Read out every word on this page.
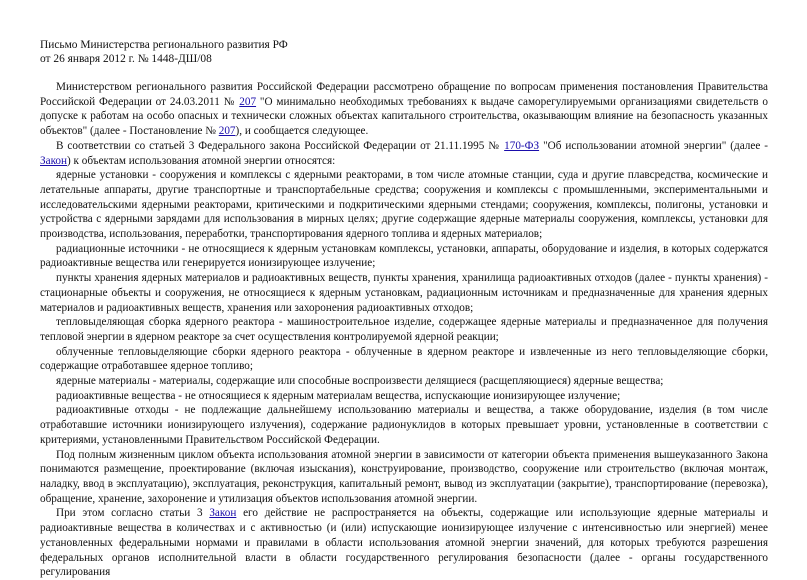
Письмо Министерства регионального развития РФ
от 26 января 2012 г. № 1448-ДШ/08

Министерством регионального развития Российской Федерации рассмотрено обращение по вопросам применения постановления Правительства Российской Федерации от 24.03.2011 № 207 "О минимально необходимых требованиях к выдаче саморегулируемыми организациями свидетельств о допуске к работам на особо опасных и технически сложных объектах капитального строительства, оказывающим влияние на безопасность указанных объектов" (далее - Постановление № 207), и сообщается следующее.

В соответствии со статьей 3 Федерального закона Российской Федерации от 21.11.1995 № 170-ФЗ "Об использовании атомной энергии" (далее - Закон) к объектам использования атомной энергии относятся:

ядерные установки - сооружения и комплексы с ядерными реакторами, в том числе атомные станции, суда и другие плавсредства, космические и летательные аппараты, другие транспортные и транспортабельные средства; сооружения и комплексы с промышленными, экспериментальными и исследовательскими ядерными реакторами, критическими и подкритическими ядерными стендами; сооружения, комплексы, полигоны, установки и устройства с ядерными зарядами для использования в мирных целях; другие содержащие ядерные материалы сооружения, комплексы, установки для производства, использования, переработки, транспортирования ядерного топлива и ядерных материалов;

радиационные источники - не относящиеся к ядерным установкам комплексы, установки, аппараты, оборудование и изделия, в которых содержатся радиоактивные вещества или генерируется ионизирующее излучение;

пункты хранения ядерных материалов и радиоактивных веществ, пункты хранения, хранилища радиоактивных отходов (далее - пункты хранения) - стационарные объекты и сооружения, не относящиеся к ядерным установкам, радиационным источникам и предназначенные для хранения ядерных материалов и радиоактивных веществ, хранения или захоронения радиоактивных отходов;

тепловыделяющая сборка ядерного реактора - машиностроительное изделие, содержащее ядерные материалы и предназначенное для получения тепловой энергии в ядерном реакторе за счет осуществления контролируемой ядерной реакции;

облученные тепловыделяющие сборки ядерного реактора - облученные в ядерном реакторе и извлеченные из него тепловыделяющие сборки, содержащие отработавшее ядерное топливо;

ядерные материалы - материалы, содержащие или способные воспроизвести делящиеся (расщепляющиеся) ядерные вещества;

радиоактивные вещества - не относящиеся к ядерным материалам вещества, испускающие ионизирующее излучение;

радиоактивные отходы - не подлежащие дальнейшему использованию материалы и вещества, а также оборудование, изделия (в том числе отработавшие источники ионизирующего излучения), содержание радионуклидов в которых превышает уровни, установленные в соответствии с критериями, установленными Правительством Российской Федерации.

Под полным жизненным циклом объекта использования атомной энергии в зависимости от категории объекта применения вышеуказанного Закона понимаются размещение, проектирование (включая изыскания), конструирование, производство, сооружение или строительство (включая монтаж, наладку, ввод в эксплуатацию), эксплуатация, реконструкция, капитальный ремонт, вывод из эксплуатации (закрытие), транспортирование (перевозка), обращение, хранение, захоронение и утилизация объектов использования атомной энергии.

При этом согласно статьи 3 Закон его действие не распространяется на объекты, содержащие или использующие ядерные материалы и радиоактивные вещества в количествах и с активностью (и (или) испускающие ионизирующее излучение с интенсивностью или энергией) менее установленных федеральными нормами и правилами в области использования атомной энергии значений, для которых требуются разрешения федеральных органов исполнительной власти в области государственного регулирования безопасности (далее - органы государственного регулирования
